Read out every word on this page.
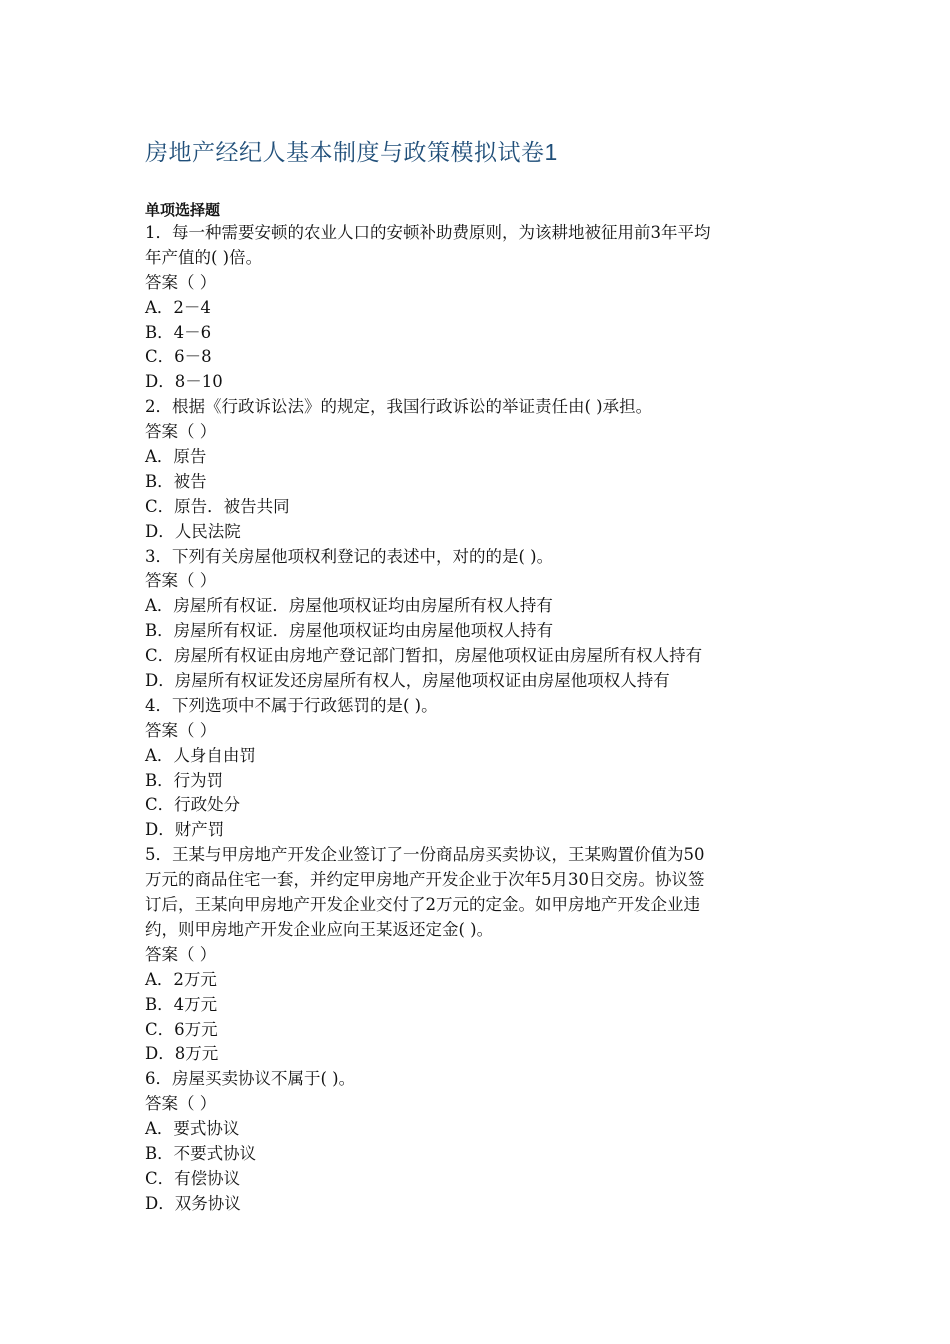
房地产经纪人基本制度与政策模拟试卷1
单项选择题
1．每一种需要安顿的农业人口的安顿补助费原则，为该耕地被征用前3年平均
年产值的( )倍。
答案（ ）
A．2－4
B．4－6
C．6－8
D．8－10
2．根据《行政诉讼法》的规定，我国行政诉讼的举证责任由( )承担。
答案（ ）
A．原告
B．被告
C．原告．被告共同
D．人民法院
3．下列有关房屋他项权利登记的表述中，对的的是( )。
答案（ ）
A．房屋所有权证．房屋他项权证均由房屋所有权人持有
B．房屋所有权证．房屋他项权证均由房屋他项权人持有
C．房屋所有权证由房地产登记部门暂扣，房屋他项权证由房屋所有权人持有
D．房屋所有权证发还房屋所有权人，房屋他项权证由房屋他项权人持有
4．下列选项中不属于行政惩罚的是( )。
答案（ ）
A．人身自由罚
B．行为罚
C．行政处分
D．财产罚
5．王某与甲房地产开发企业签订了一份商品房买卖协议，王某购置价值为50
万元的商品住宅一套，并约定甲房地产开发企业于次年5月30日交房。协议签
订后，王某向甲房地产开发企业交付了2万元的定金。如甲房地产开发企业违
约，则甲房地产开发企业应向王某返还定金( )。
答案（ ）
A．2万元
B．4万元
C．6万元
D．8万元
6．房屋买卖协议不属于( )。
答案（ ）
A．要式协议
B．不要式协议
C．有偿协议
D．双务协议
